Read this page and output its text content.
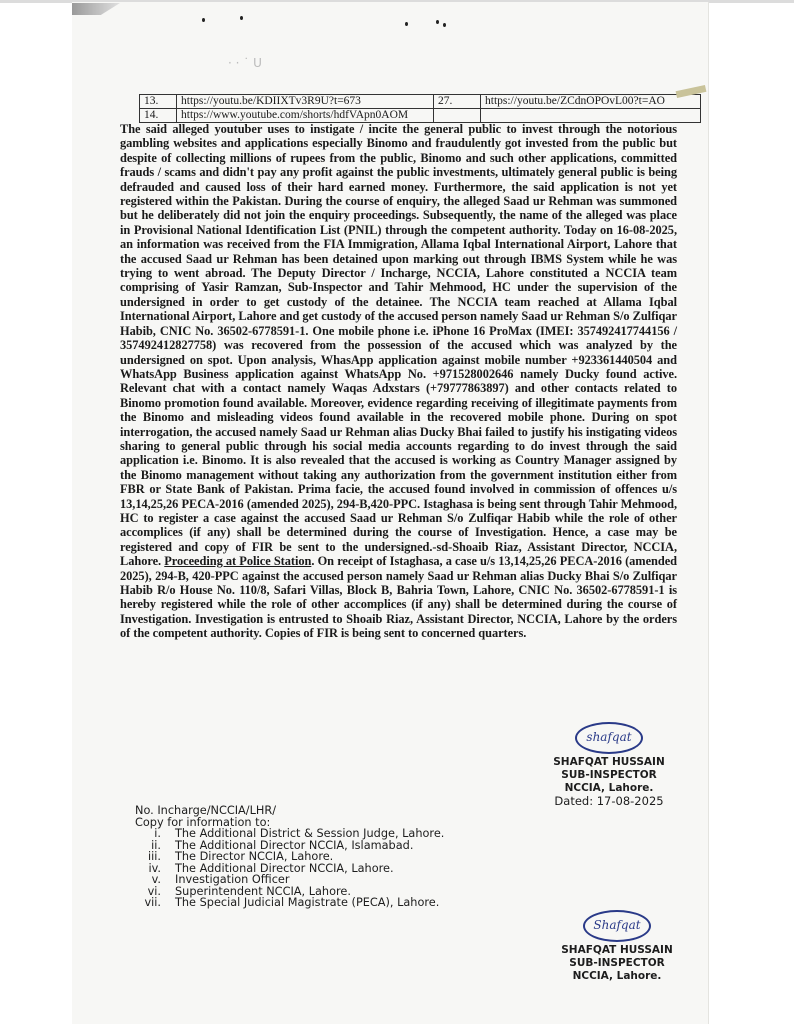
· · ˙ U
13.	https://youtu.be/KDIIXTv3R9U?t=673	27.	https://youtu.be/ZCdnOPOvL00?t=AO
14.	https://www.youtube.com/shorts/hdfVApn0AOM		
The said alleged youtuber uses to instigate / incite the general public to invest through the notorious gambling websites and applications especially Binomo and fraudulently got invested from the public but despite of collecting millions of rupees from the public, Binomo and such other applications, committed frauds / scams and didn't pay any profit against the public investments, ultimately general public is being defrauded and caused loss of their hard earned money. Furthermore, the said application is not yet registered within the Pakistan. During the course of enquiry, the alleged Saad ur Rehman was summoned but he deliberately did not join the enquiry proceedings. Subsequently, the name of the alleged was place in Provisional National Identification List (PNIL) through the competent authority. Today on 16-08-2025, an information was received from the FIA Immigration, Allama Iqbal International Airport, Lahore that the accused Saad ur Rehman has been detained upon marking out through IBMS System while he was trying to went abroad. The Deputy Director / Incharge, NCCIA, Lahore constituted a NCCIA team comprising of Yasir Ramzan, Sub-Inspector and Tahir Mehmood, HC under the supervision of the undersigned in order to get custody of the detainee. The NCCIA team reached at Allama Iqbal International Airport, Lahore and get custody of the accused person namely Saad ur Rehman S/o Zulfiqar Habib, CNIC No. 36502-6778591-1. One mobile phone i.e. iPhone 16 ProMax (IMEI: 357492417744156 / 357492412827758) was recovered from the possession of the accused which was analyzed by the undersigned on spot. Upon analysis, WhasApp application against mobile number +923361440504 and WhatsApp Business application against WhatsApp No. +971528002646 namely Ducky found active. Relevant chat with a contact namely Waqas Adxstars (+79777863897) and other contacts related to Binomo promotion found available. Moreover, evidence regarding receiving of illegitimate payments from the Binomo and misleading videos found available in the recovered mobile phone. During on spot interrogation, the accused namely Saad ur Rehman alias Ducky Bhai failed to justify his instigating videos sharing to general public through his social media accounts regarding to do invest through the said application i.e. Binomo. It is also revealed that the accused is working as Country Manager assigned by the Binomo management without taking any authorization from the government institution either from FBR or State Bank of Pakistan. Prima facie, the accused found involved in commission of offences u/s 13,14,25,26 PECA-2016 (amended 2025), 294-B,420-PPC. Istaghasa is being sent through Tahir Mehmood, HC to register a case against the accused Saad ur Rehman S/o Zulfiqar Habib while the role of other accomplices (if any) shall be determined during the course of Investigation. Hence, a case may be registered and copy of FIR be sent to the undersigned.-sd-Shoaib Riaz, Assistant Director, NCCIA, Lahore. Proceeding at Police Station. On receipt of Istaghasa, a case u/s 13,14,25,26 PECA-2016 (amended 2025), 294-B, 420-PPC against the accused person namely Saad ur Rehman alias Ducky Bhai S/o Zulfiqar Habib R/o House No. 110/8, Safari Villas, Block B, Bahria Town, Lahore, CNIC No. 36502-6778591-1 is hereby registered while the role of other accomplices (if any) shall be determined during the course of Investigation. Investigation is entrusted to Shoaib Riaz, Assistant Director, NCCIA, Lahore by the orders of the competent authority. Copies of FIR is being sent to concerned quarters.
shafqat
SHAFQAT HUSSAIN
SUB-INSPECTOR
NCCIA, Lahore.
Dated: 17-08-2025
No. Incharge/NCCIA/LHR/
Copy for information to:
i.	The Additional District & Session Judge, Lahore.
ii.	The Additional Director NCCIA, Islamabad.
iii.	The Director NCCIA, Lahore.
iv.	The Additional Director NCCIA, Lahore.
v.	Investigation Officer
vi.	Superintendent NCCIA, Lahore.
vii.	The Special Judicial Magistrate (PECA), Lahore.
Shafqat
SHAFQAT HUSSAIN
SUB-INSPECTOR
NCCIA, Lahore.
